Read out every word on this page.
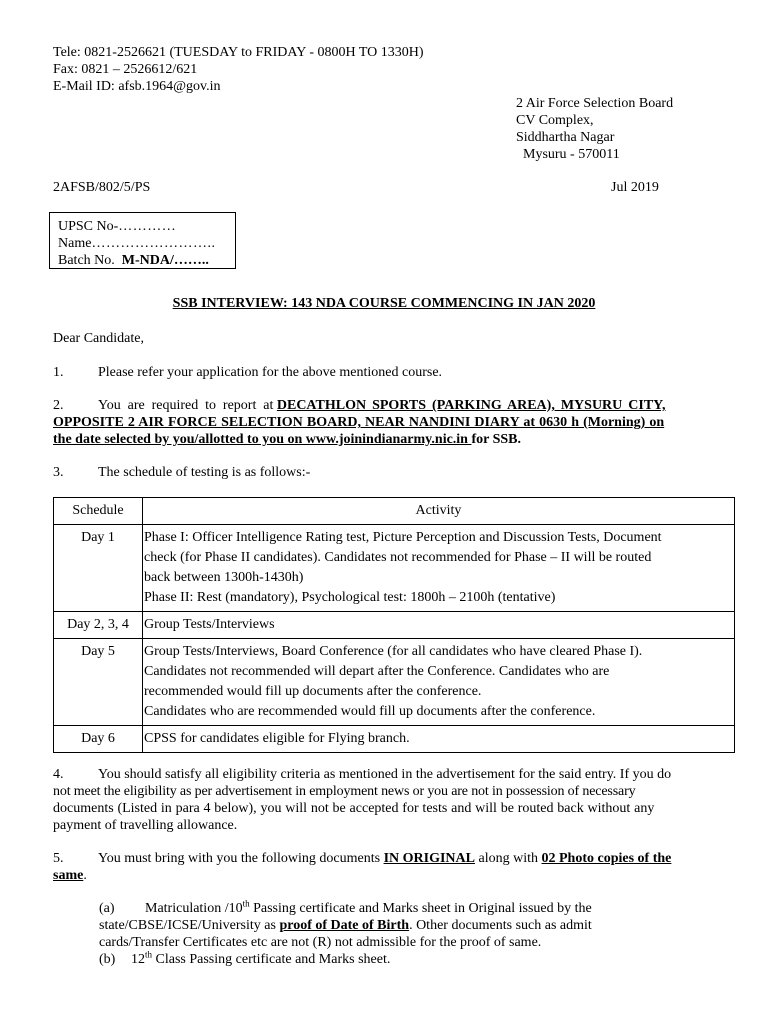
Tele: 0821-2526621 (TUESDAY to FRIDAY - 0800H TO 1330H)
Fax: 0821 – 2526612/621
E-Mail ID: afsb.1964@gov.in
2 Air Force Selection Board
CV Complex,
Siddhartha Nagar
Mysuru - 570011
2AFSB/802/5/PS	Jul 2019
UPSC No-…………
Name……………………..
Batch No. M-NDA/……..
SSB INTERVIEW: 143 NDA COURSE COMMENCING IN JAN 2020
Dear Candidate,
1. Please refer your application for the above mentioned course.
2. You are required to report at DECATHLON SPORTS (PARKING AREA), MYSURU CITY,
OPPOSITE 2 AIR FORCE SELECTION BOARD, NEAR NANDINI DIARY at 0630 h (Morning) on
the date selected by you/allotted to you on www.joinindianarmy.nic.in for SSB.
3. The schedule of testing is as follows:-
Schedule	Activity
Day 1	Phase I: Officer Intelligence Rating test, Picture Perception and Discussion Tests, Document
check (for Phase II candidates). Candidates not recommended for Phase – II will be routed
back between 1300h-1430h)
Phase II: Rest (mandatory), Psychological test: 1800h – 2100h (tentative)

Day 2, 3, 4	Group Tests/Interviews

Day 5	Group Tests/Interviews, Board Conference (for all candidates who have cleared Phase I).
Candidates not recommended will depart after the Conference. Candidates who are
recommended would fill up documents after the conference.
Candidates who are recommended would fill up documents after the conference.

Day 6	CPSS for candidates eligible for Flying branch.
4. You should satisfy all eligibility criteria as mentioned in the advertisement for the said entry. If you do
not meet the eligibility as per advertisement in employment news or you are not in possession of necessary
documents (Listed in para 4 below), you will not be accepted for tests and will be routed back without any
payment of travelling allowance.
5. You must bring with you the following documents IN ORIGINAL along with 02 Photo copies of the
same.
(a) Matriculation /10th Passing certificate and Marks sheet in Original issued by the
state/CBSE/ICSE/University as proof of Date of Birth. Other documents such as admit
cards/Transfer Certificates etc are not (R) not admissible for the proof of same.
(b) 12th Class Passing certificate and Marks sheet.
